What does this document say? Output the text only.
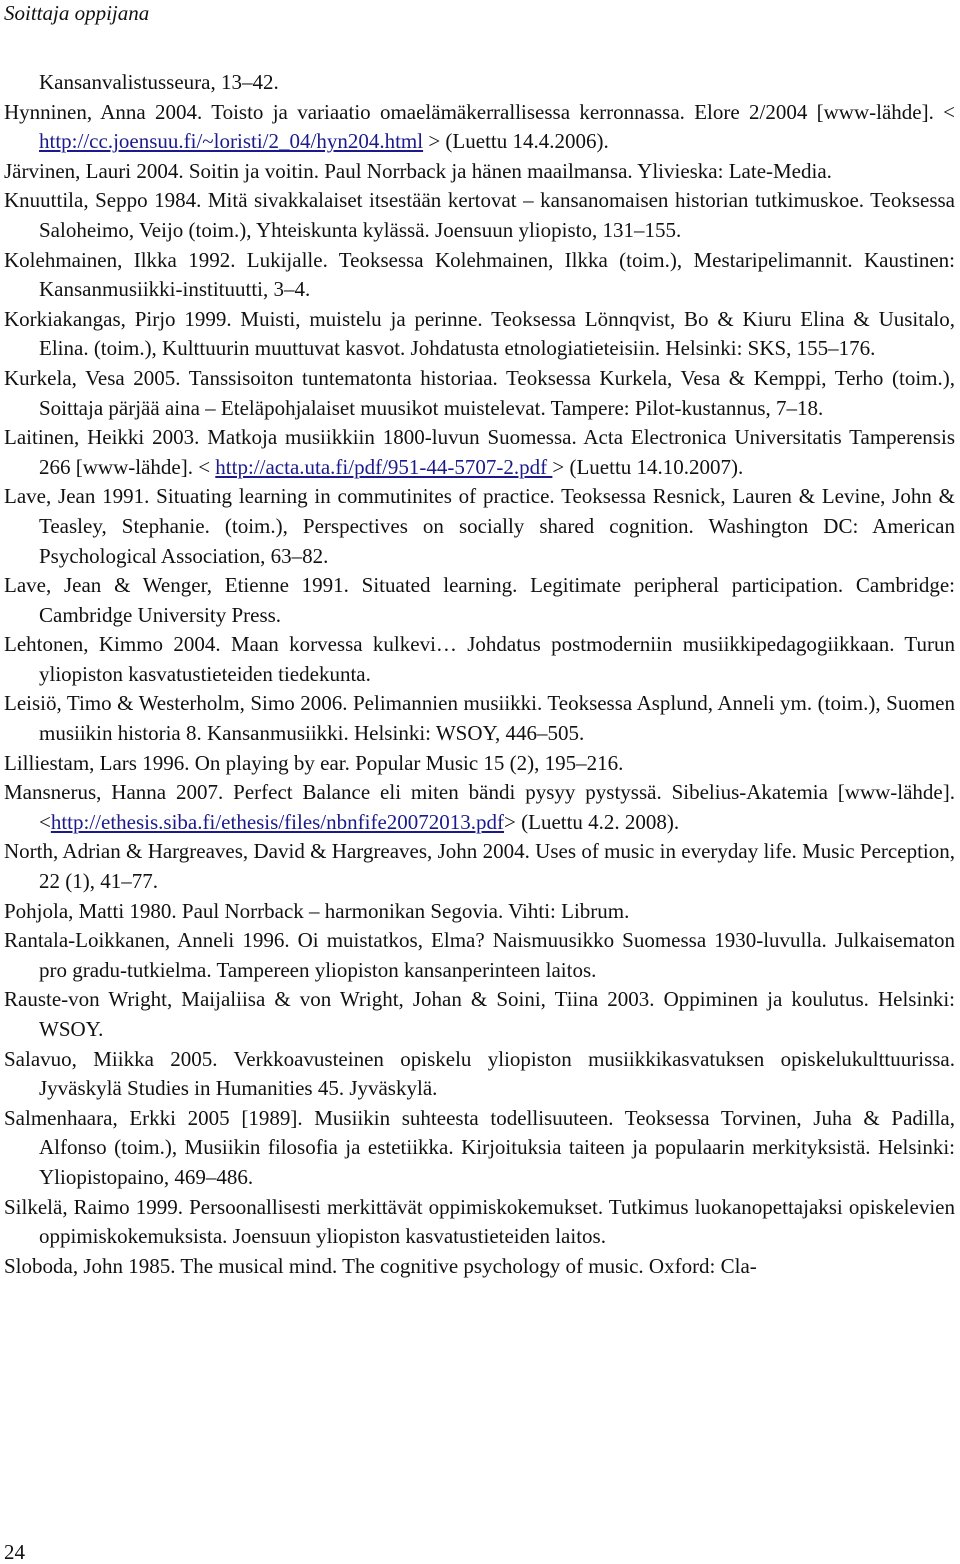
Soittaja oppijana

Kansanvalistusseura, 13–42.

Hynninen, Anna 2004. Toisto ja variaatio omaelämäkerrallisessa kerronnassa. Elore 2/2004 [www-lähde]. < http://cc.joensuu.fi/~loristi/2_04/hyn204.html > (Luettu 14.4.2006).

Järvinen, Lauri 2004. Soitin ja voitin. Paul Norrback ja hänen maailmansa. Ylivieska: Late-Media.

Knuuttila, Seppo 1984. Mitä sivakkalaiset itsestään kertovat – kansanomaisen historian tutkimuskoe. Teoksessa Saloheimo, Veijo (toim.), Yhteiskunta kylässä. Joensuun yliopisto, 131–155.

Kolehmainen, Ilkka 1992. Lukijalle. Teoksessa Kolehmainen, Ilkka (toim.), Mestaripelimannit. Kaustinen: Kansanmusiikki-instituutti, 3–4.

Korkiakangas, Pirjo 1999. Muisti, muistelu ja perinne. Teoksessa Lönnqvist, Bo & Kiuru Elina & Uusitalo, Elina. (toim.), Kulttuurin muuttuvat kasvot. Johdatusta etnologiatieteisiin. Helsinki: SKS, 155–176.

Kurkela, Vesa 2005. Tanssisoiton tuntematonta historiaa. Teoksessa Kurkela, Vesa & Kemppi, Terho (toim.), Soittaja pärjää aina – Eteläpohjalaiset muusikot muistelevat. Tampere: Pilot-kustannus, 7–18.

Laitinen, Heikki 2003. Matkoja musiikkiin 1800-luvun Suomessa. Acta Electronica Universitatis Tamperensis 266 [www-lähde]. < http://acta.uta.fi/pdf/951-44-5707-2.pdf > (Luettu 14.10.2007).

Lave, Jean 1991. Situating learning in commutinites of practice. Teoksessa Resnick, Lauren & Levine, John & Teasley, Stephanie. (toim.), Perspectives on socially shared cognition. Washington DC: American Psychological Association, 63–82.

Lave, Jean & Wenger, Etienne 1991. Situated learning. Legitimate peripheral participation. Cambridge: Cambridge University Press.

Lehtonen, Kimmo 2004. Maan korvessa kulkevi… Johdatus postmoderniin musiikkipedagogiikkaan. Turun yliopiston kasvatustieteiden tiedekunta.

Leisiö, Timo & Westerholm, Simo 2006. Pelimannien musiikki. Teoksessa Asplund, Anneli ym. (toim.), Suomen musiikin historia 8. Kansanmusiikki. Helsinki: WSOY, 446–505.

Lilliestam, Lars 1996. On playing by ear. Popular Music 15 (2), 195–216.

Mansnerus, Hanna 2007. Perfect Balance eli miten bändi pysyy pystyssä. Sibelius-Akatemia [www-lähde].<http://ethesis.siba.fi/ethesis/files/nbnfife20072013.pdf> (Luettu 4.2. 2008).

North, Adrian & Hargreaves, David & Hargreaves, John 2004. Uses of music in everyday life. Music Perception, 22 (1), 41–77.

Pohjola, Matti 1980. Paul Norrback – harmonikan Segovia. Vihti: Librum.

Rantala-Loikkanen, Anneli 1996. Oi muistatkos, Elma? Naismuusikko Suomessa 1930-luvulla. Julkaisematon pro gradu-tutkielma. Tampereen yliopiston kansanperinteen laitos.

Rauste-von Wright, Maijaliisa & von Wright, Johan & Soini, Tiina 2003. Oppiminen ja koulutus. Helsinki: WSOY.

Salavuo, Miikka 2005. Verkkoavusteinen opiskelu yliopiston musiikkikasvatuksen opiskelukulttuurissa. Jyväskylä Studies in Humanities 45. Jyväskylä.

Salmenhaara, Erkki 2005 [1989]. Musiikin suhteesta todellisuuteen. Teoksessa Torvinen, Juha & Padilla, Alfonso (toim.), Musiikin filosofia ja estetiikka. Kirjoituksia taiteen ja populaarin merkityksistä. Helsinki: Yliopistopaino, 469–486.

Silkelä, Raimo 1999. Persoonallisesti merkittävät oppimiskokemukset. Tutkimus luokanopettajaksi opiskelevien oppimiskokemuksista. Joensuun yliopiston kasvatustieteiden laitos.

Sloboda, John 1985. The musical mind. The cognitive psychology of music. Oxford: Cla-

24
